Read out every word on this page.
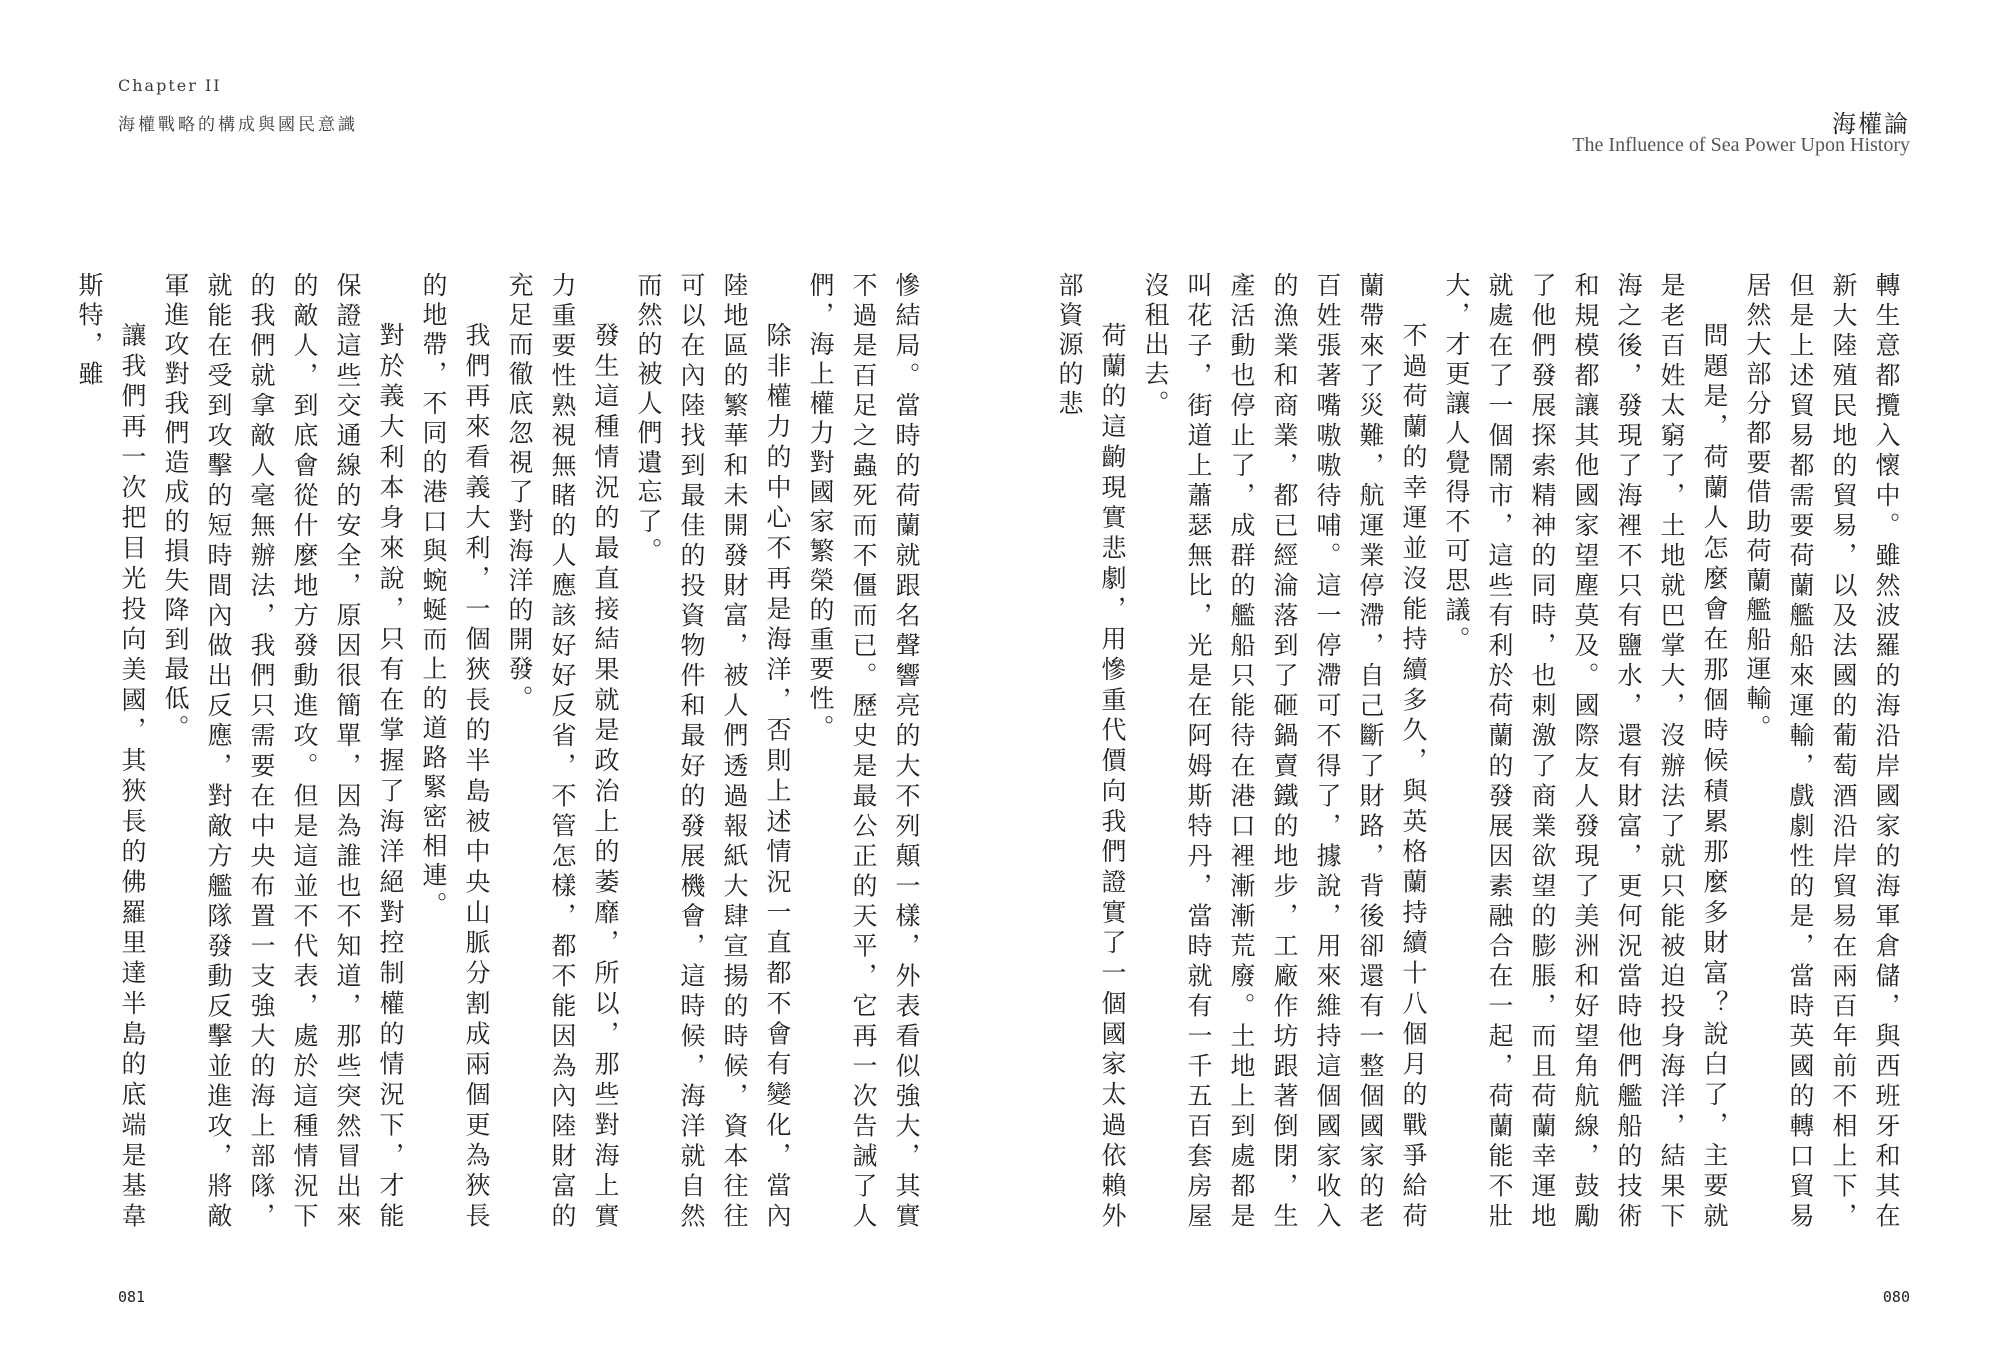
Chapter II
海權戰略的構成與國民意識

慘結局。當時的荷蘭就跟名聲響亮的大不列顛一樣，外表看似強大，其實不過是百足之蟲死而不僵而已。歷史是最公正的天平，它再一次告誡了人們，海上權力對國家繁榮的重要性。

除非權力的中心不再是海洋，否則上述情況一直都不會有變化，當內陸地區的繁華和未開發財富，被人們透過報紙大肆宣揚的時候，資本往往可以在內陸找到最佳的投資物件和最好的發展機會，這時候，海洋就自然而然的被人們遺忘了。

發生這種情況的最直接結果就是政治上的萎靡，所以，那些對海上實力重要性熟視無睹的人應該好好反省，不管怎樣，都不能因為內陸財富的充足而徹底忽視了對海洋的開發。

我們再來看義大利，一個狹長的半島被中央山脈分割成兩個更為狹長的地帶，不同的港口與蜿蜒而上的道路緊密相連。

對於義大利本身來說，只有在掌握了海洋絕對控制權的情況下，才能保證這些交通線的安全，原因很簡單，因為誰也不知道，那些突然冒出來的敵人，到底會從什麼地方發動進攻。但是這並不代表，處於這種情況下的我們就拿敵人毫無辦法，我們只需要在中央布置一支強大的海上部隊，就能在受到攻擊的短時間內做出反應，對敵方艦隊發動反擊並進攻，將敵軍進攻對我們造成的損失降到最低。

讓我們再一次把目光投向美國，其狹長的佛羅里達半島的底端是基韋斯特，雖

081
海權論
The Influence of Sea Power Upon History

轉生意都攬入懷中。雖然波羅的海沿岸國家的海軍倉儲，與西班牙和其在新大陸殖民地的貿易，以及法國的葡萄酒沿岸貿易在兩百年前不相上下，但是上述貿易都需要荷蘭艦船來運輸，戲劇性的是，當時英國的轉口貿易居然大部分都要借助荷蘭艦船運輸。

問題是，荷蘭人怎麼會在那個時候積累那麼多財富？說白了，主要就是老百姓太窮了，土地就巴掌大，沒辦法了就只能被迫投身海洋，結果下海之後，發現了海裡不只有鹽水，還有財富，更何況當時他們艦船的技術和規模都讓其他國家望塵莫及。國際友人發現了美洲和好望角航線，鼓勵了他們發展探索精神的同時，也刺激了商業欲望的膨脹，而且荷蘭幸運地就處在了一個鬧市，這些有利於荷蘭的發展因素融合在一起，荷蘭能不壯大，才更讓人覺得不可思議。

不過荷蘭的幸運並沒能持續多久，與英格蘭持續十八個月的戰爭給荷蘭帶來了災難，航運業停滯，自己斷了財路，背後卻還有一整個國家的老百姓張著嘴嗷嗷待哺。這一停滯可不得了，據說，用來維持這個國家收入的漁業和商業，都已經淪落到了砸鍋賣鐵的地步，工廠作坊跟著倒閉，生產活動也停止了，成群的艦船只能待在港口裡漸漸荒廢。土地上到處都是叫花子，街道上蕭瑟無比，光是在阿姆斯特丹，當時就有一千五百套房屋沒租出去。

荷蘭的這齣現實悲劇，用慘重代價向我們證實了一個國家太過依賴外部資源的悲

080
